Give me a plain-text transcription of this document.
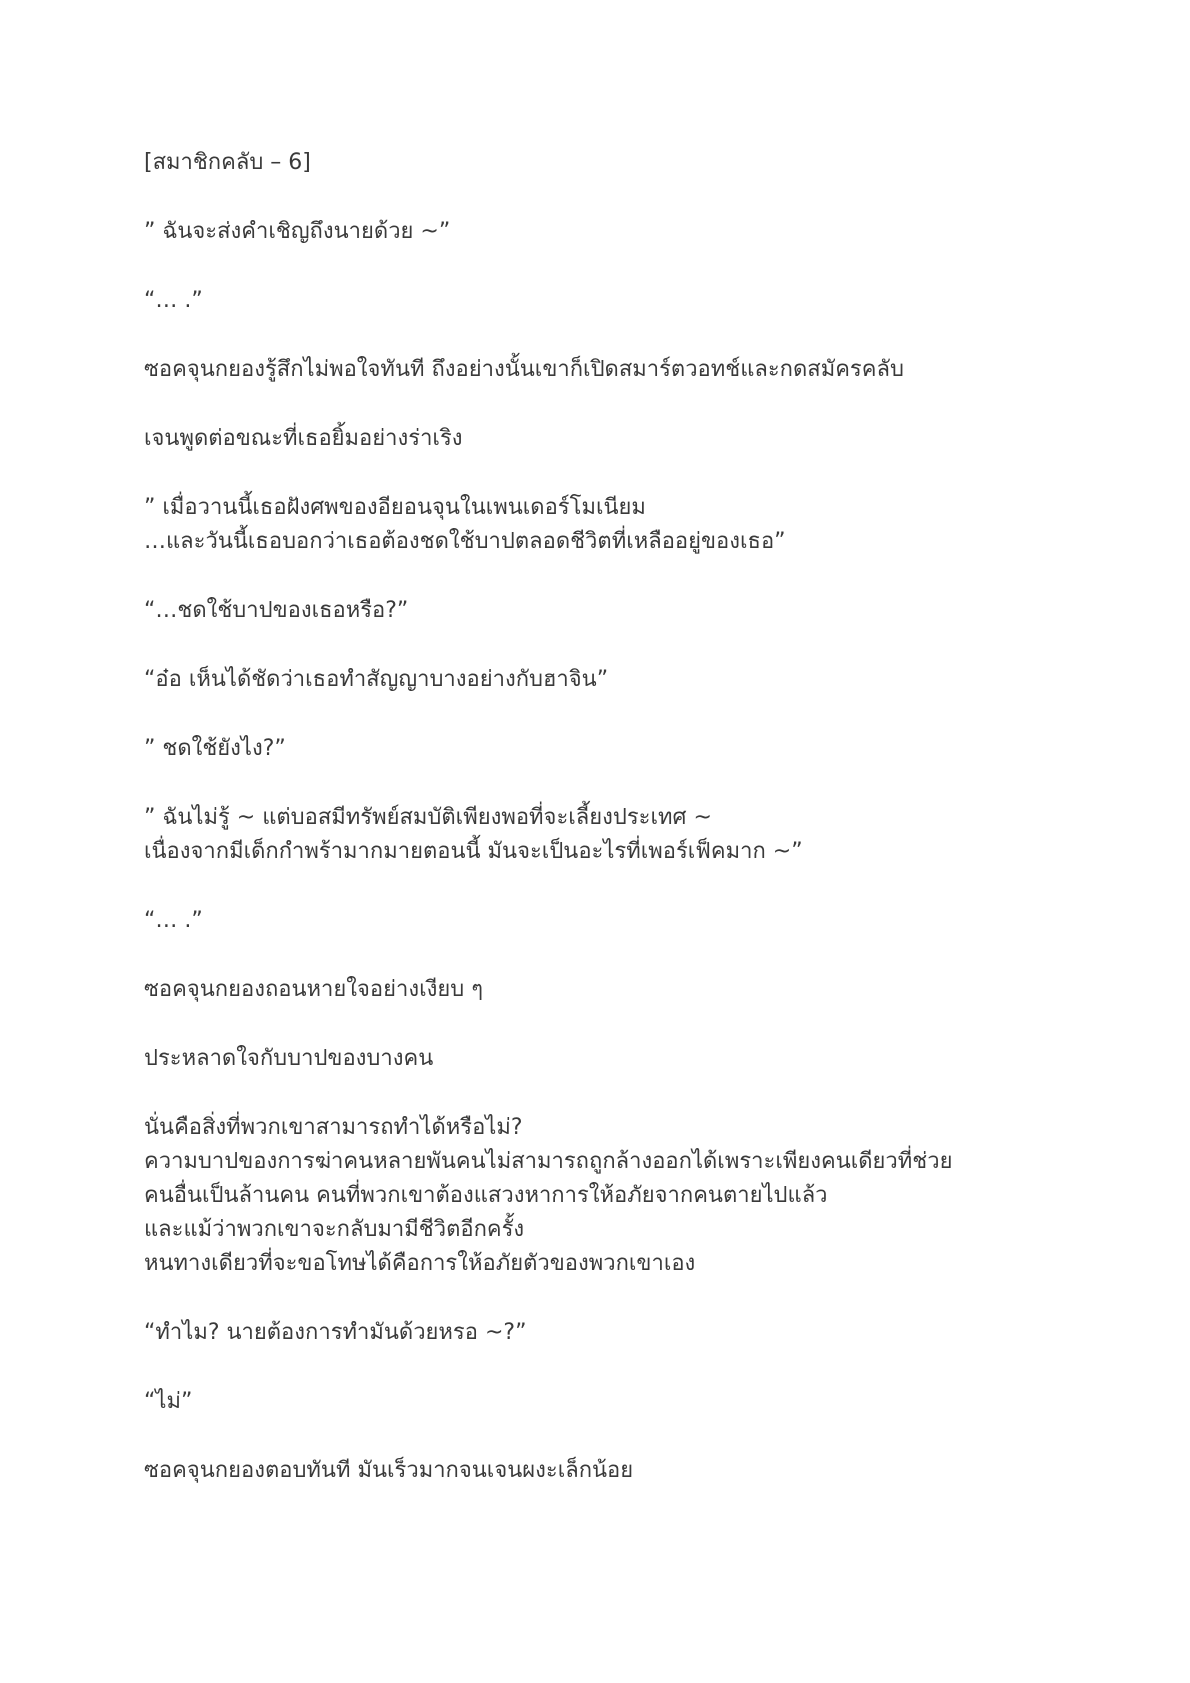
[สมาชิกคลับ – 6]

” ฉันจะส่งคำเชิญถึงนายด้วย ~”

“… .”

ซอคจุนกยองรู้สึกไม่พอใจทันที ถึงอย่างนั้นเขาก็เปิดสมาร์ตวอทช์และกดสมัครคลับ

เจนพูดต่อขณะที่เธอยิ้มอย่างร่าเริง

” เมื่อวานนี้เธอฝังศพของอียอนจุนในเพนเดอร์โมเนียม
…และวันนี้เธอบอกว่าเธอต้องชดใช้บาปตลอดชีวิตที่เหลืออยู่ของเธอ”

“…ชดใช้บาปของเธอหรือ?”

“อ๋อ เห็นได้ชัดว่าเธอทำสัญญาบางอย่างกับฮาจิน”

” ชดใช้ยังไง?”

” ฉันไม่รู้ ~ แต่บอสมีทรัพย์สมบัติเพียงพอที่จะเลี้ยงประเทศ ~
เนื่องจากมีเด็กกำพร้ามากมายตอนนี้ มันจะเป็นอะไรที่เพอร์เฟ็คมาก ~”

“… .”

ซอคจุนกยองถอนหายใจอย่างเงียบ ๆ

ประหลาดใจกับบาปของบางคน

นั่นคือสิ่งที่พวกเขาสามารถทำได้หรือไม่?
ความบาปของการฆ่าคนหลายพันคนไม่สามารถถูกล้างออกได้เพราะเพียงคนเดียวที่ช่วย
คนอื่นเป็นล้านคน คนที่พวกเขาต้องแสวงหาการให้อภัยจากคนตายไปแล้ว
และแม้ว่าพวกเขาจะกลับมามีชีวิตอีกครั้ง
หนทางเดียวที่จะขอโทษได้คือการให้อภัยตัวของพวกเขาเอง

“ทำไม? นายต้องการทำมันด้วยหรอ ~?”

“ไม่”

ซอคจุนกยองตอบทันที มันเร็วมากจนเจนผงะเล็กน้อย
